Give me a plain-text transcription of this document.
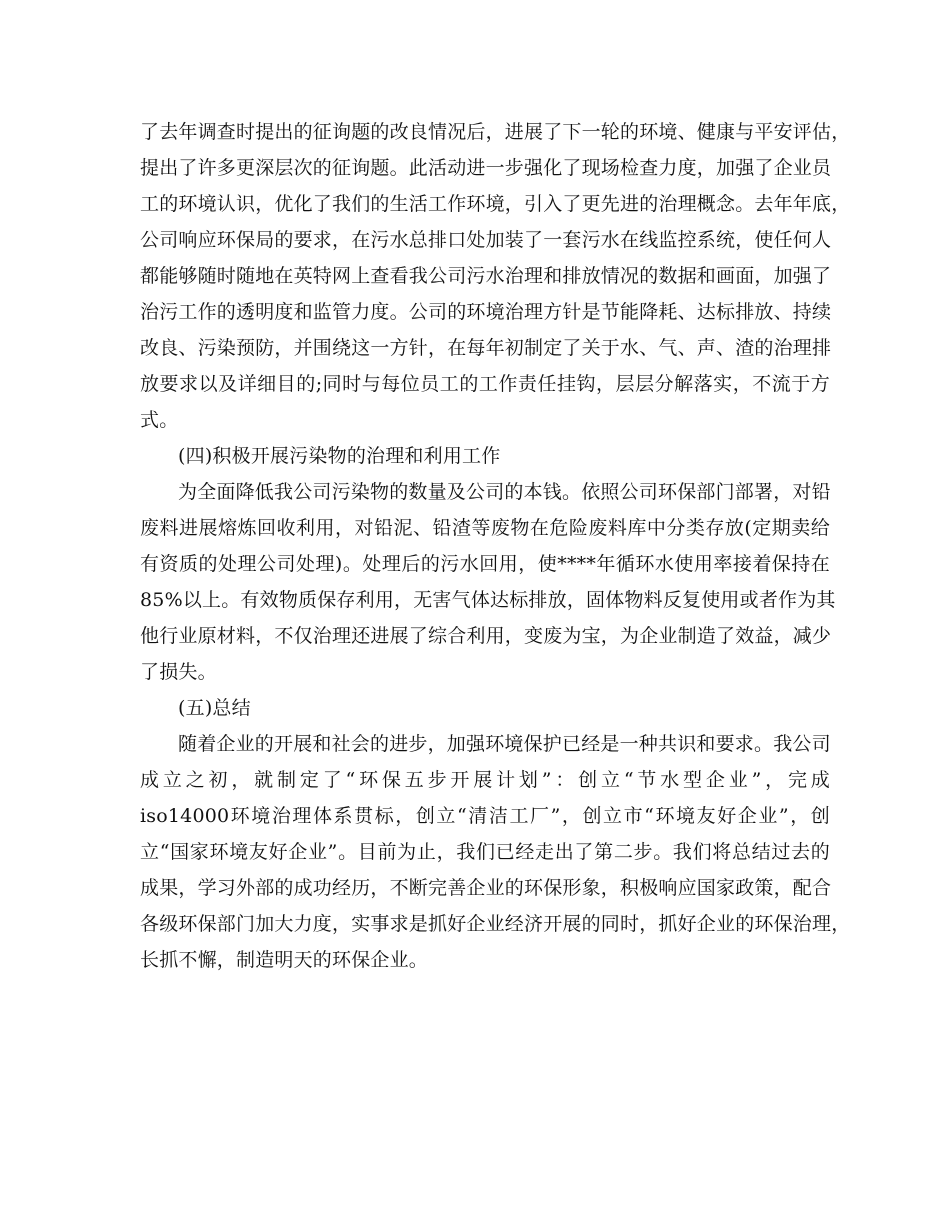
了去年调查时提出的征询题的改良情况后，进展了下一轮的环境、健康与平安评估，
提出了许多更深层次的征询题。此活动进一步强化了现场检查力度，加强了企业员
工的环境认识，优化了我们的生活工作环境，引入了更先进的治理概念。去年年底，
公司响应环保局的要求，在污水总排口处加装了一套污水在线监控系统，使任何人
都能够随时随地在英特网上查看我公司污水治理和排放情况的数据和画面，加强了
治污工作的透明度和监管力度。公司的环境治理方针是节能降耗、达标排放、持续
改良、污染预防，并围绕这一方针，在每年初制定了关于水、气、声、渣的治理排
放要求以及详细目的;同时与每位员工的工作责任挂钩，层层分解落实，不流于方
式。
(四)积极开展污染物的治理和利用工作
为全面降低我公司污染物的数量及公司的本钱。依照公司环保部门部署，对铅
废料进展熔炼回收利用，对铅泥、铅渣等废物在危险废料库中分类存放(定期卖给
有资质的处理公司处理)。处理后的污水回用，使****年循环水使用率接着保持在
85%以上。有效物质保存利用，无害气体达标排放，固体物料反复使用或者作为其
他行业原材料，不仅治理还进展了综合利用，变废为宝，为企业制造了效益，减少
了损失。
(五)总结
随着企业的开展和社会的进步，加强环境保护已经是一种共识和要求。我公司
成立之初，就制定了“环保五步开展计划”：创立“节水型企业”，完成
iso14000环境治理体系贯标，创立“清洁工厂”，创立市“环境友好企业”，创
立“国家环境友好企业”。目前为止，我们已经走出了第二步。我们将总结过去的
成果，学习外部的成功经历，不断完善企业的环保形象，积极响应国家政策，配合
各级环保部门加大力度，实事求是抓好企业经济开展的同时，抓好企业的环保治理，
长抓不懈，制造明天的环保企业。
